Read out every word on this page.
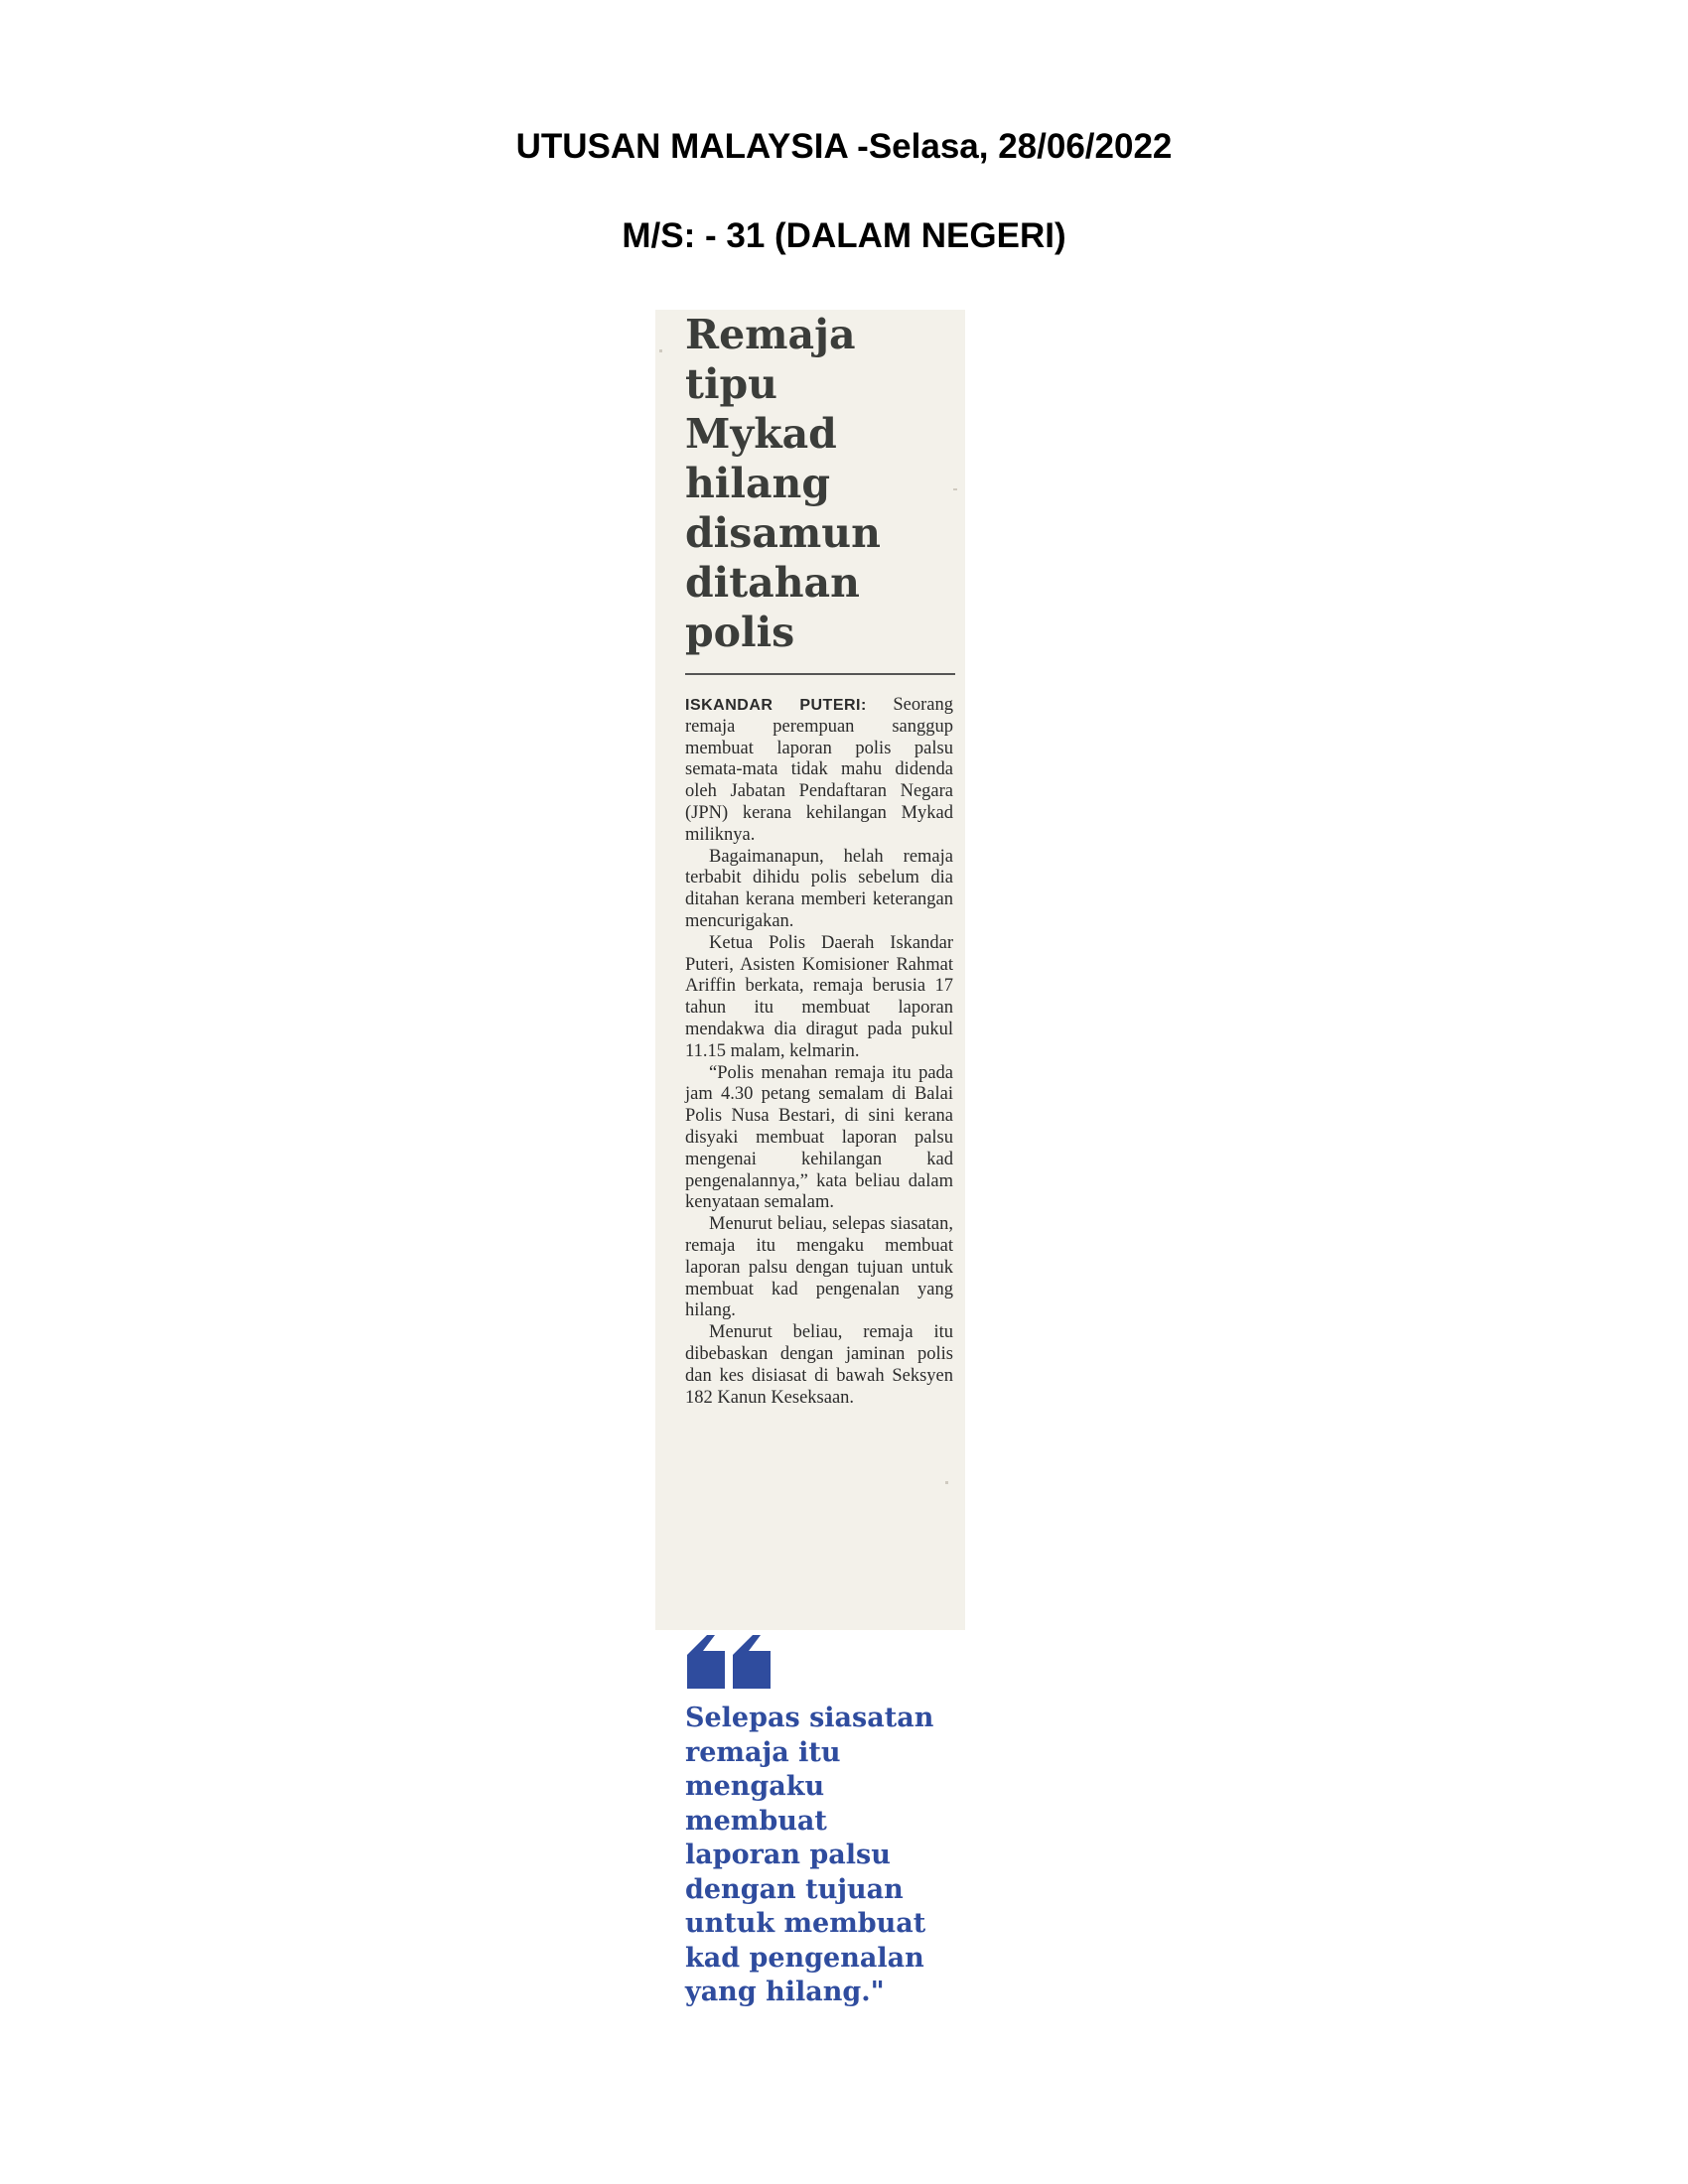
UTUSAN MALAYSIA -Selasa, 28/06/2022
M/S: - 31 (DALAM NEGERI)
Remaja
tipu
Mykad
hilang
disamun
ditahan
polis

ISKANDAR PUTERI: Seorang remaja perempuan sanggup membuat laporan polis palsu semata-mata tidak mahu didenda oleh Jabatan Pendaftaran Negara (JPN) kerana kehilangan Mykad miliknya.

Bagaimanapun, helah remaja terbabit dihidu polis sebelum dia ditahan kerana memberi keterangan mencurigakan.

Ketua Polis Daerah Iskandar Puteri, Asisten Komisioner Rahmat Ariffin berkata, remaja berusia 17 tahun itu membuat laporan mendakwa dia diragut pada pukul 11.15 malam, kelmarin.

“Polis menahan remaja itu pada jam 4.30 petang semalam di Balai Polis Nusa Bestari, di sini kerana disyaki membuat laporan palsu mengenai kehilangan kad pengenalannya,” kata beliau dalam kenyataan semalam.

Menurut beliau, selepas siasatan, remaja itu mengaku membuat laporan palsu dengan tujuan untuk membuat kad pengenalan yang hilang.

Menurut beliau, remaja itu dibebaskan dengan jaminan polis dan kes disiasat di bawah Seksyen 182 Kanun Keseksaan.

Selepas siasatan
remaja itu
mengaku
membuat
laporan palsu
dengan tujuan
untuk membuat
kad pengenalan
yang hilang."
